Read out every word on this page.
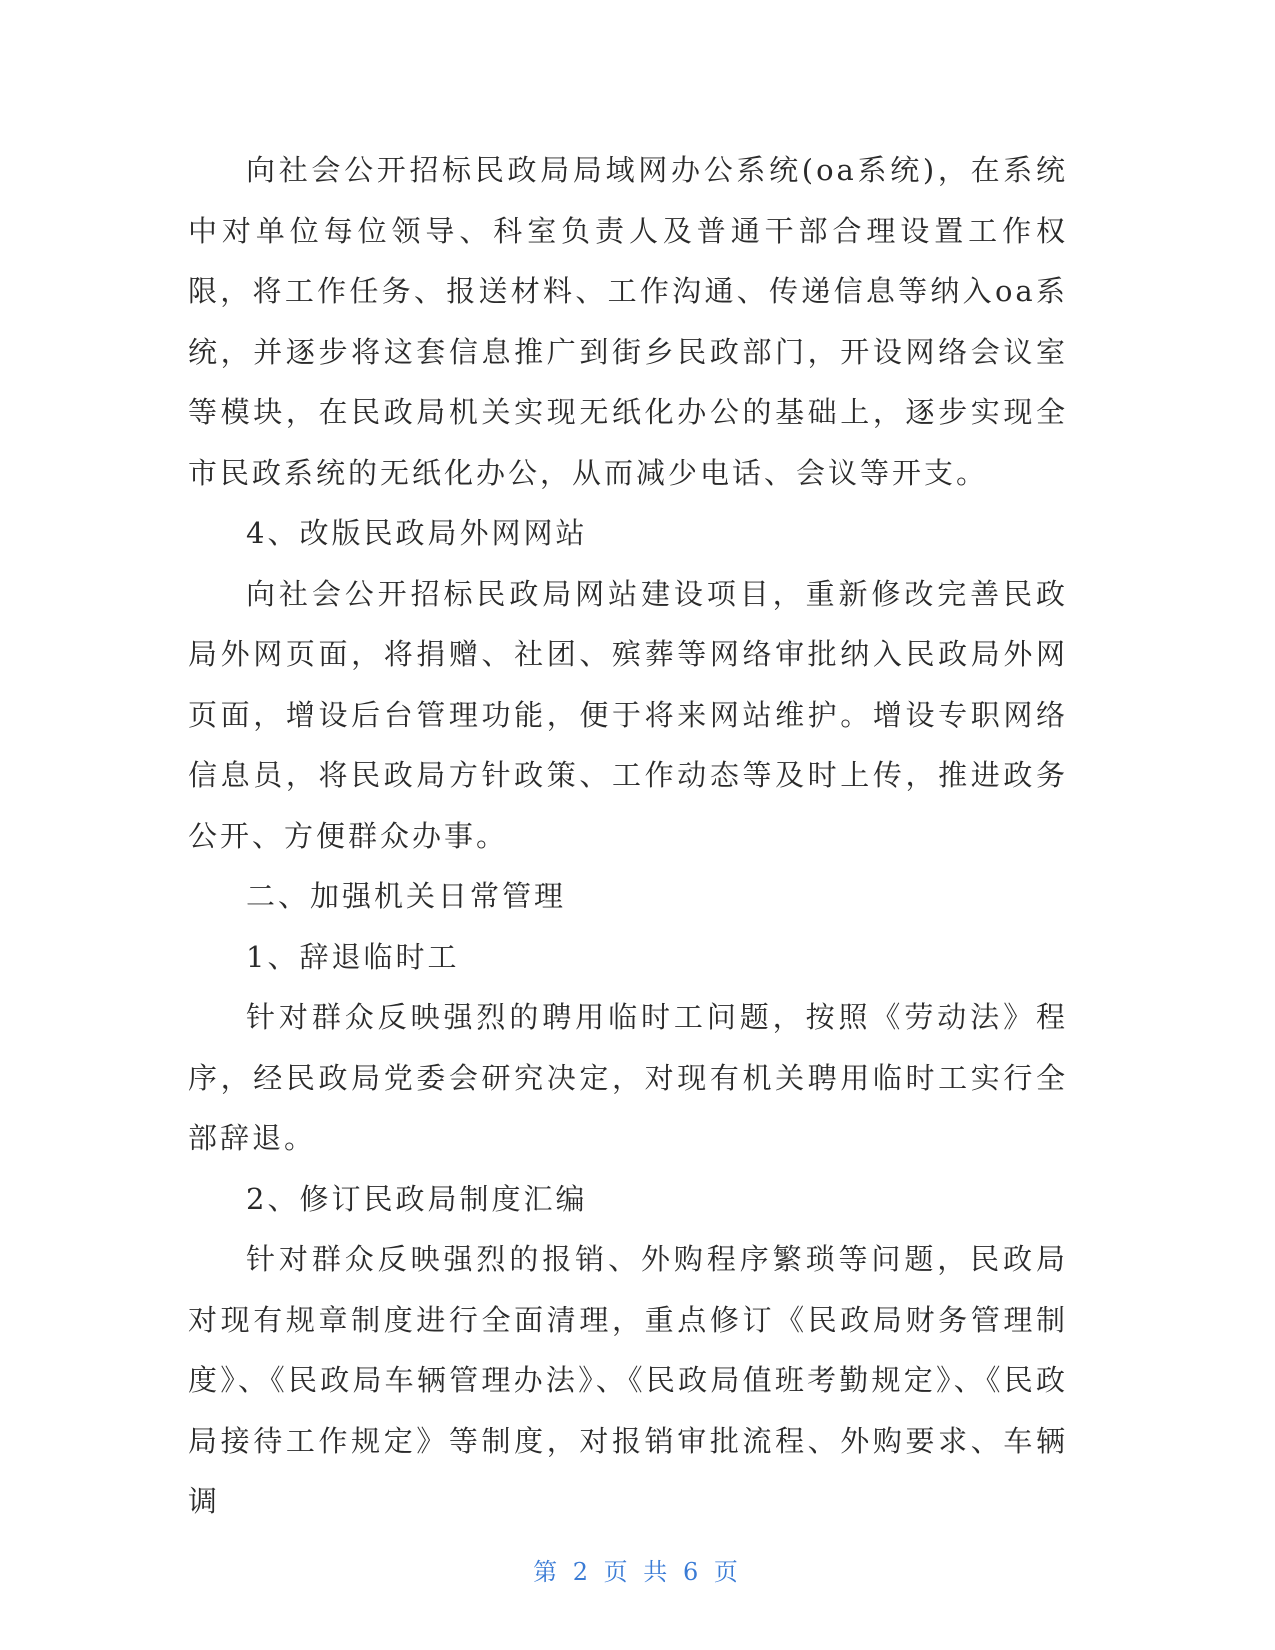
向社会公开招标民政局局域网办公系统(oa系统)，在系统中对单位每位领导、科室负责人及普通干部合理设置工作权限，将工作任务、报送材料、工作沟通、传递信息等纳入oa系统，并逐步将这套信息推广到街乡民政部门，开设网络会议室等模块，在民政局机关实现无纸化办公的基础上，逐步实现全市民政系统的无纸化办公，从而减少电话、会议等开支。

4、改版民政局外网网站

向社会公开招标民政局网站建设项目，重新修改完善民政局外网页面，将捐赠、社团、殡葬等网络审批纳入民政局外网页面，增设后台管理功能，便于将来网站维护。增设专职网络信息员，将民政局方针政策、工作动态等及时上传，推进政务公开、方便群众办事。

二、加强机关日常管理

1、辞退临时工

针对群众反映强烈的聘用临时工问题，按照《劳动法》程序，经民政局党委会研究决定，对现有机关聘用临时工实行全部辞退。

2、修订民政局制度汇编

针对群众反映强烈的报销、外购程序繁琐等问题，民政局对现有规章制度进行全面清理，重点修订《民政局财务管理制度》、《民政局车辆管理办法》、《民政局值班考勤规定》、《民政局接待工作规定》等制度，对报销审批流程、外购要求、车辆调

第 2 页 共 6 页
